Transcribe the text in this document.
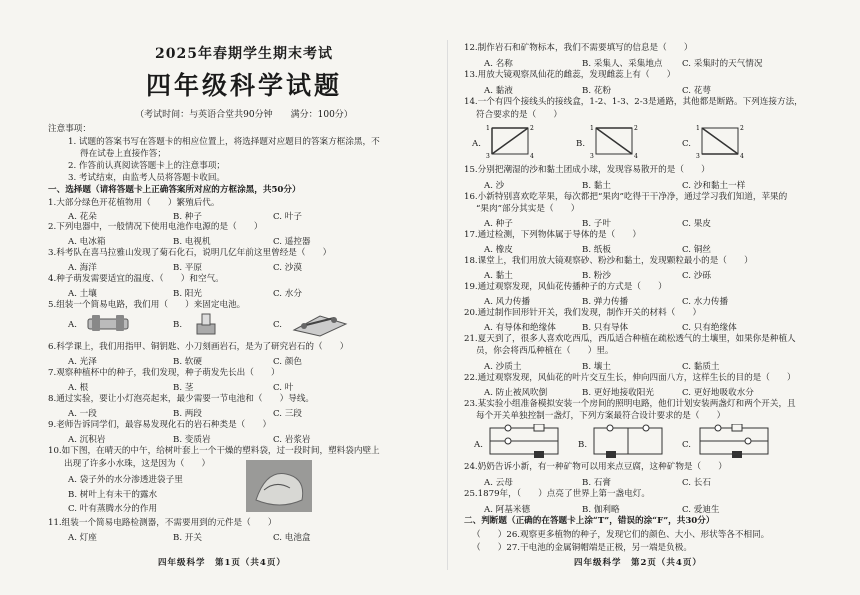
2025年春期学生期末考试
四年级科学试题
（考试时间：与英语合堂共90分钟　　满分：100分）
注意事项：
1. 试题的答案书写在答题卡的相应位置上，将选择题对应题目的答案方框涂黑，不
得在试卷上直接作答；
2. 作答前认真阅读答题卡上的注意事项；
3. 考试结束，由监考人员将答题卡收回。
一、选择题（请将答题卡上正确答案所对应的方框涂黑，共50分）
1.大部分绿色开花植物用（　　）繁殖后代。
A. 花朵	B. 种子	C. 叶子
2.下列电器中，一般情况下使用电池作电源的是（　　）
A. 电冰箱	B. 电视机	C. 遥控器
3.科考队在喜马拉雅山发现了菊石化石，说明几亿年前这里曾经是（　　）
A. 海洋	B. 平原	C. 沙漠
4.种子萌发需要适宜的温度、（　　）和空气。
A. 土壤	B. 阳光	C. 水分
5.组装一个简易电路，我们用（　　）来固定电池。
A.	B.	C.
6.科学课上，我们用指甲、铜钥匙、小刀刻画岩石，是为了研究岩石的（　　）
A. 光泽	B. 软硬	C. 颜色
7.观察种植杯中的种子，我们发现，种子萌发先长出（　　）
A. 根	B. 茎	C. 叶
8.通过实验，要让小灯泡亮起来，最少需要一节电池和（　　）导线。
A. 一段	B. 两段	C. 三段
9.老师告诉同学们，最容易发现化石的岩石种类是（　　）
A. 沉积岩	B. 变质岩	C. 岩浆岩
10.如下图，在晴天的中午，给树叶套上一个干燥的塑料袋，过一段时间，塑料袋内壁上
出现了许多小水珠，这是因为（　　）
A. 袋子外的水分渗透进袋子里
B. 树叶上有未干的露水
C. 叶有蒸腾水分的作用
11.组装一个简易电路检测器，不需要用到的元件是（　　）
A. 灯座	B. 开关	C. 电池盒
四年级科学　第1页（共4页）
12.制作岩石和矿物标本，我们不需要填写的信息是（　　）
A. 名称	B. 采集人、采集地点 C. 采集时的天气情况
13.用放大镜观察凤仙花的雌蕊，发现雌蕊上有（　　）
A. 黏液	B. 花粉	C. 花萼
14.一个有四个接线头的接线盒，1-2、1-3、2-3是通路，其他都是断路。下列连接方法，
符合要求的是（　　）
A.
1	2
3	4
B.
1	2
3	4
C.
1	2
3	4
15.分别把潮湿的沙和黏土团成小球，发现容易散开的是（　　）
A. 沙	B. 黏土	C. 沙和黏土一样
16.小新特别喜欢吃苹果，每次都把“果肉”吃得干干净净，通过学习我们知道，苹果的
“果肉”部分其实是（　　）
A. 种子	B. 子叶	C. 果皮
17.通过检测，下列物体属于导体的是（　　）
A. 橡皮	B. 纸板	C. 铜丝
18.课堂上，我们用放大镜观察砂、粉沙和黏土，发现颗粒最小的是（　　）
A. 黏土	B. 粉沙	C. 沙砾
19.通过观察发现，风仙花传播种子的方式是（　　）
A. 风力传播	B. 弹力传播	C. 水力传播
20.通过制作回形针开关，我们发现，制作开关的材料（　　）
A. 有导体和绝缘体	B. 只有导体	C. 只有绝缘体
21.夏天到了，很多人喜欢吃西瓜，西瓜适合种植在疏松透气的土壤里，如果你是种植人
员，你会将西瓜种植在（　　）里。
A. 沙质土	B. 壤土	C. 黏质土
22.通过观察发现，风仙花的叶片交互生长，伸向四面八方，这样生长的目的是（　　）
A. 防止被风吹倒	B. 更好地接收阳光	C. 更好地吸收水分
23.某实验小组准备模拟安装一个房间的照明电路，他们计划安装两盏灯和两个开关，且
每个开关单独控制一盏灯，下列方案最符合设计要求的是（　　）
A.	B.	C.
24.奶奶告诉小新，有一种矿物可以用来点豆腐，这种矿物是（　　）
A. 云母	B. 石膏	C. 长石
25.1879年，（　　）点亮了世界上第一盏电灯。
A. 阿基米德	B. 伽利略	C. 爱迪生
二、判断题（正确的在答题卡上涂“T”，错误的涂“F”，共30分）
（　　）26.观察更多植物的种子，发现它们的颜色、大小、形状等各不相同。
（　　）27.干电池的金属铜帽端是正极，另一端是负极。
四年级科学　第2页（共4页）
